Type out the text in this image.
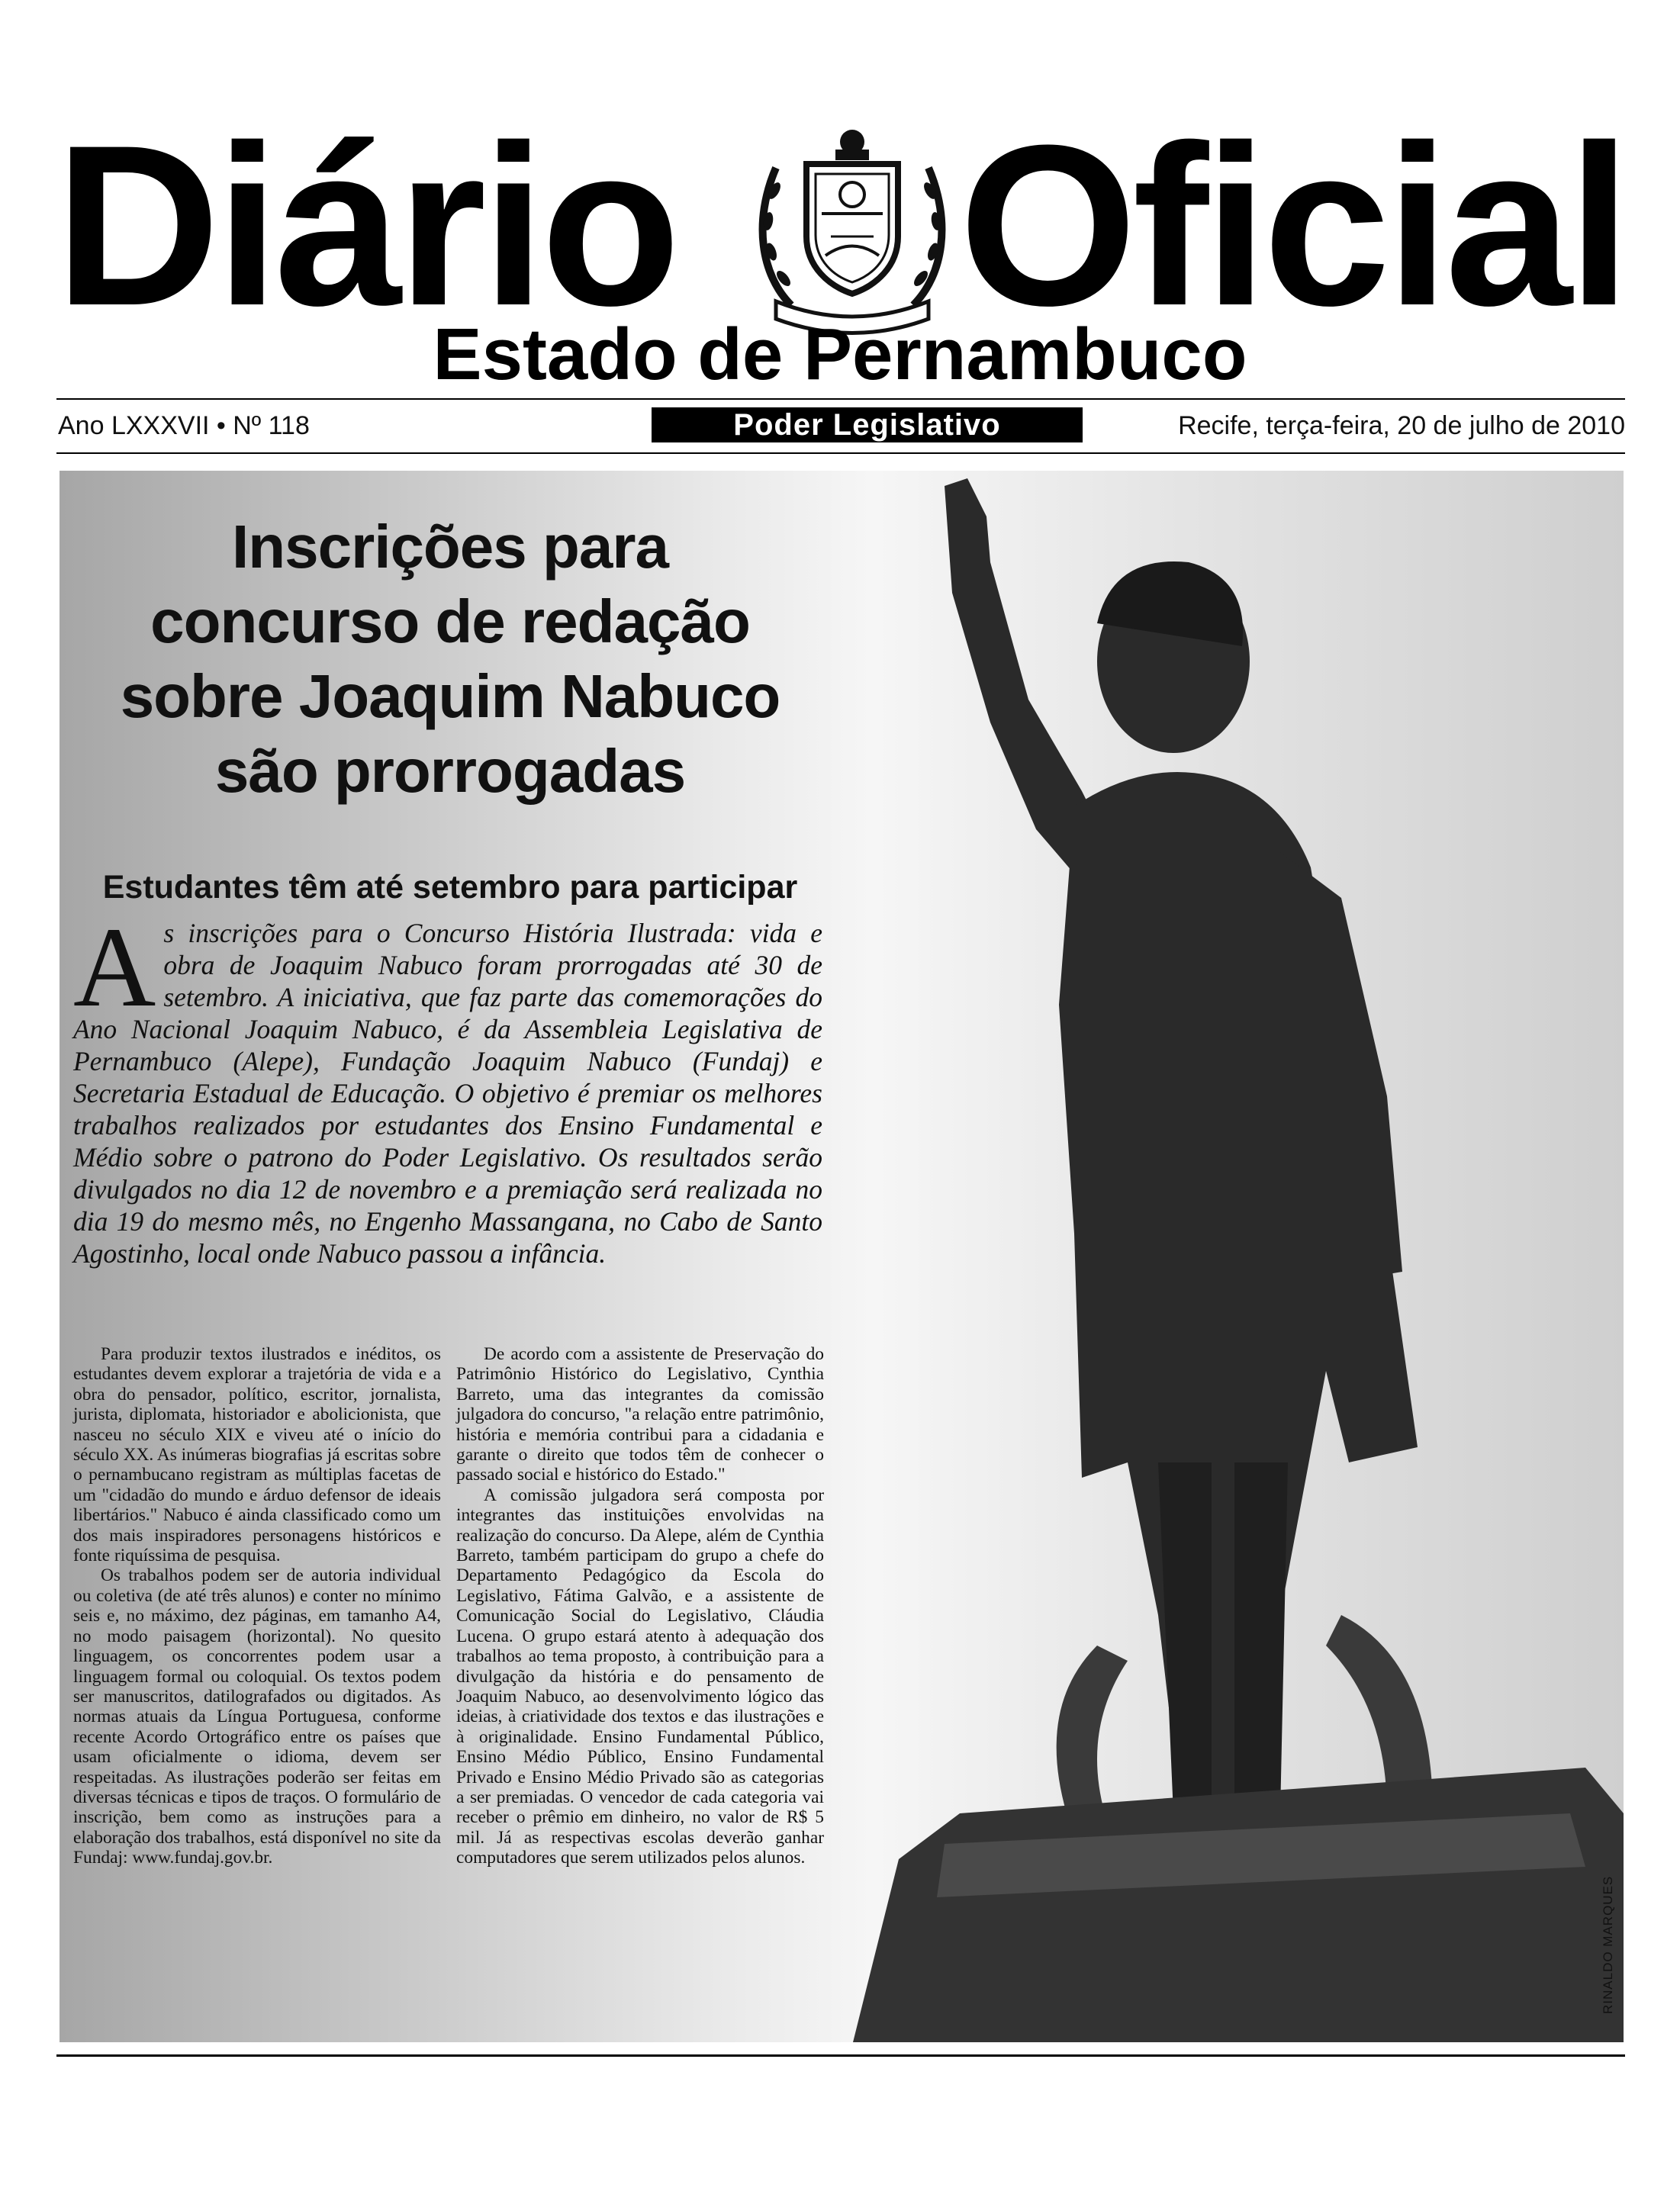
Diário Oficial
Estado de Pernambuco
Ano LXXXVII • Nº 118	Poder Legislativo	Recife, terça-feira, 20 de julho de 2010
RINALDO MARQUES
Inscrições para
concurso de redação
sobre Joaquim Nabuco
são prorrogadas
Estudantes têm até setembro para participar
As inscrições para o Concurso História Ilustrada: vida e obra de Joaquim Nabuco foram prorrogadas até 30 de setembro. A iniciativa, que faz parte das comemorações do Ano Nacional Joaquim Nabuco, é da Assembleia Legislativa de Pernambuco (Alepe), Fundação Joaquim Nabuco (Fundaj) e Secretaria Estadual de Educação. O objetivo é premiar os melhores trabalhos realizados por estudantes dos Ensino Fundamental e Médio sobre o patrono do Poder Legislativo. Os resultados serão divulgados no dia 12 de novembro e a premiação será realizada no dia 19 do mesmo mês, no Engenho Massangana, no Cabo de Santo Agostinho, local onde Nabuco passou a infância.

Para produzir textos ilustrados e inéditos, os estudantes devem explorar a trajetória de vida e a obra do pensador, político, escritor, jornalista, jurista, diplomata, historiador e abolicionista, que nasceu no século XIX e viveu até o início do século XX. As inúmeras biografias já escritas sobre o pernambucano registram as múltiplas facetas de um "cidadão do mundo e árduo defensor de ideais libertários." Nabuco é ainda classificado como um dos mais inspiradores personagens históricos e fonte riquíssima de pesquisa.

Os trabalhos podem ser de autoria individual ou coletiva (de até três alunos) e conter no mínimo seis e, no máximo, dez páginas, em tamanho A4, no modo paisagem (horizontal). No quesito linguagem, os concorrentes podem usar a linguagem formal ou coloquial. Os textos podem ser manuscritos, datilografados ou digitados. As normas atuais da Língua Portuguesa, conforme recente Acordo Ortográfico entre os países que usam oficialmente o idioma, devem ser respeitadas. As ilustrações poderão ser feitas em diversas técnicas e tipos de traços. O formulário de inscrição, bem como as instruções para a elaboração dos trabalhos, está disponível no site da Fundaj: www.fundaj.gov.br.

De acordo com a assistente de Preservação do Patrimônio Histórico do Legislativo, Cynthia Barreto, uma das integrantes da comissão julgadora do concurso, "a relação entre patrimônio, história e memória contribui para a cidadania e garante o direito que todos têm de conhecer o passado social e histórico do Estado."

A comissão julgadora será composta por integrantes das instituições envolvidas na realização do concurso. Da Alepe, além de Cynthia Barreto, também participam do grupo a chefe do Departamento Pedagógico da Escola do Legislativo, Fátima Galvão, e a assistente de Comunicação Social do Legislativo, Cláudia Lucena. O grupo estará atento à adequação dos trabalhos ao tema proposto, à contribuição para a divulgação da história e do pensamento de Joaquim Nabuco, ao desenvolvimento lógico das ideias, à criatividade dos textos e das ilustrações e à originalidade. Ensino Fundamental Público, Ensino Médio Público, Ensino Fundamental Privado e Ensino Médio Privado são as categorias a ser premiadas. O vencedor de cada categoria vai receber o prêmio em dinheiro, no valor de R$ 5 mil. Já as respectivas escolas deverão ganhar computadores que serem utilizados pelos alunos.
